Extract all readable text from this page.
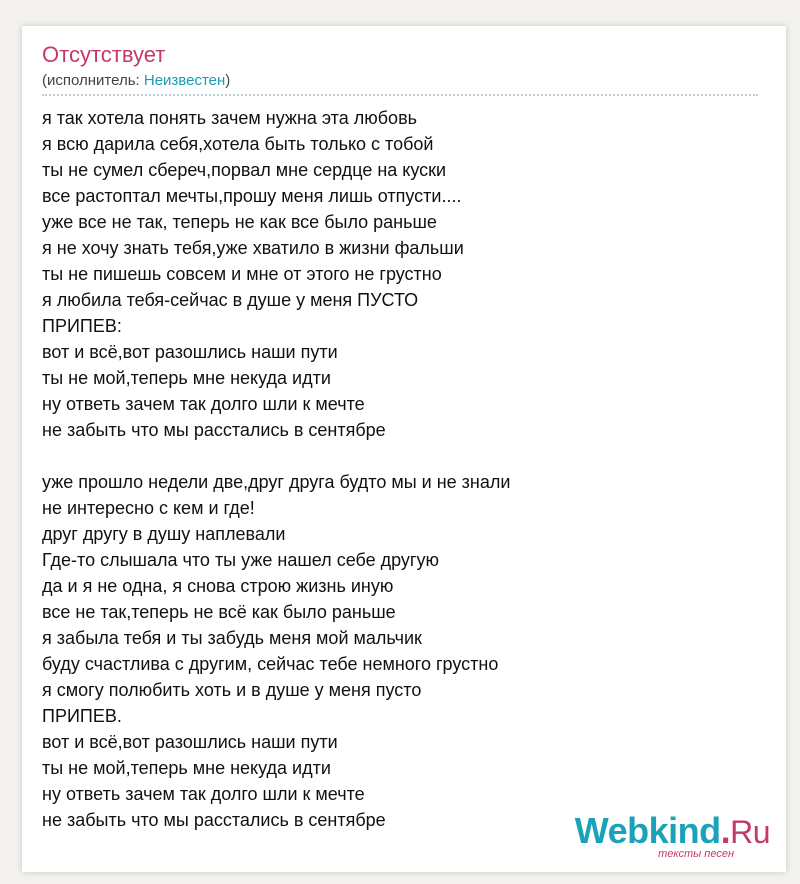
Отсутствует
(исполнитель: Неизвестен)
я так хотела понять зачем нужна эта любовь
я всю дарила себя,хотела быть только с тобой
ты не сумел сбереч,порвал мне сердце на куски
все растоптал мечты,прошу меня лишь отпусти....
уже все не так, теперь не как все было раньше
я не хочу знать тебя,уже хватило в жизни фальши
ты не пишешь совсем и мне от этого не грустно
я любила тебя-сейчас в душе у меня ПУСТО
ПРИПЕВ:
вот и всё,вот разошлись наши пути
ты не мой,теперь мне некуда идти
ну ответь зачем так долго шли к мечте
не забыть что мы расстались в сентябре
уже прошло недели две,друг друга будто мы и не знали
не интересно с кем и где!
друг другу в душу наплевали
Где-то слышала что ты уже нашел себе другую
да и я не одна, я снова строю жизнь иную
все не так,теперь не всё как было раньше
я забыла тебя и ты забудь меня мой мальчик
буду счастлива с другим, сейчас тебе немного грустно
я смогу полюбить хоть и в душе у меня пусто
ПРИПЕВ.
вот и всё,вот разошлись наши пути
ты не мой,теперь мне некуда идти
ну ответь зачем так долго шли к мечте
не забыть что мы расстались в сентябре	Webkind.Ru
тексты песен
